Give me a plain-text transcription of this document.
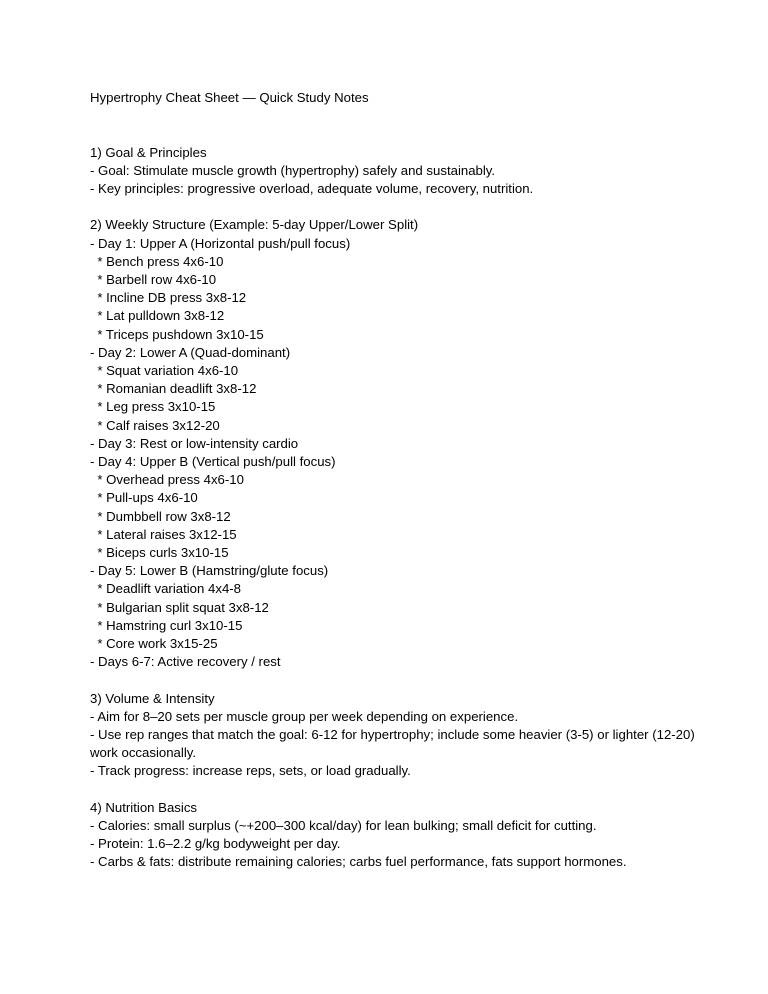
Hypertrophy Cheat Sheet — Quick Study Notes
1) Goal & Principles
- Goal: Stimulate muscle growth (hypertrophy) safely and sustainably.
- Key principles: progressive overload, adequate volume, recovery, nutrition.
2) Weekly Structure (Example: 5-day Upper/Lower Split)
- Day 1: Upper A (Horizontal push/pull focus)
* Bench press 4x6-10
* Barbell row 4x6-10
* Incline DB press 3x8-12
* Lat pulldown 3x8-12
* Triceps pushdown 3x10-15
- Day 2: Lower A (Quad-dominant)
* Squat variation 4x6-10
* Romanian deadlift 3x8-12
* Leg press 3x10-15
* Calf raises 3x12-20
- Day 3: Rest or low-intensity cardio
- Day 4: Upper B (Vertical push/pull focus)
* Overhead press 4x6-10
* Pull-ups 4x6-10
* Dumbbell row 3x8-12
* Lateral raises 3x12-15
* Biceps curls 3x10-15
- Day 5: Lower B (Hamstring/glute focus)
* Deadlift variation 4x4-8
* Bulgarian split squat 3x8-12
* Hamstring curl 3x10-15
* Core work 3x15-25
- Days 6-7: Active recovery / rest
3) Volume & Intensity
- Aim for 8–20 sets per muscle group per week depending on experience.
- Use rep ranges that match the goal: 6-12 for hypertrophy; include some heavier (3-5) or lighter (12-20) work occasionally.
- Track progress: increase reps, sets, or load gradually.
4) Nutrition Basics
- Calories: small surplus (~+200–300 kcal/day) for lean bulking; small deficit for cutting.
- Protein: 1.6–2.2 g/kg bodyweight per day.
- Carbs & fats: distribute remaining calories; carbs fuel performance, fats support hormones.
